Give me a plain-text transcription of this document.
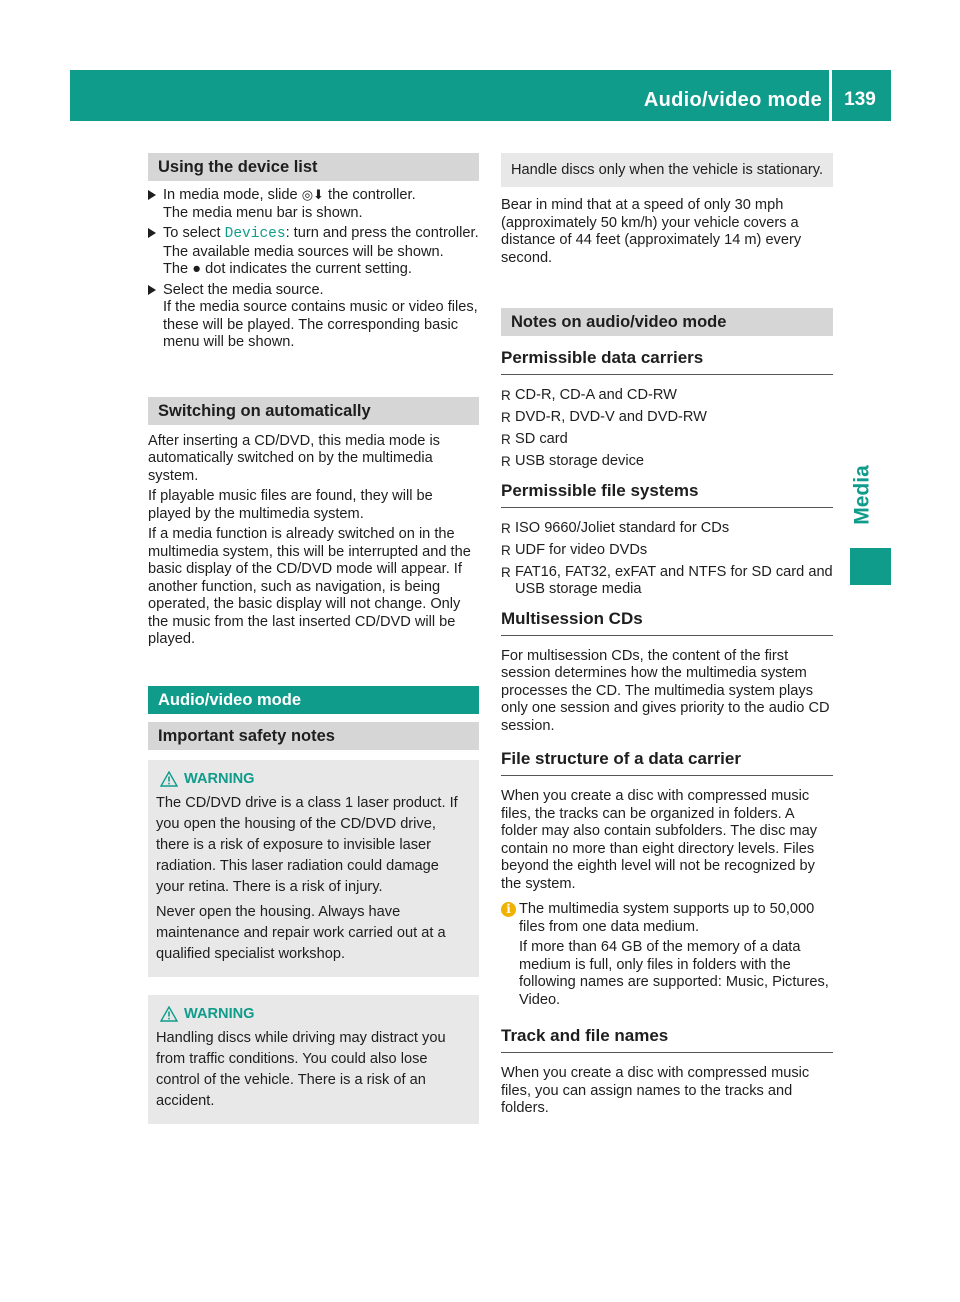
Audio/video mode	139
Media
Using the device list
In media mode, slide ◎⬇ the controller.
The media menu bar is shown.
To select Devices: turn and press the controller.
The available media sources will be shown.
The ● dot indicates the current setting.
Select the media source.
If the media source contains music or video files, these will be played. The corresponding basic menu will be shown.
Switching on automatically

After inserting a CD/DVD, this media mode is automatically switched on by the multimedia system.

If playable music files are found, they will be played by the multimedia system.

If a media function is already switched on in the multimedia system, this will be interrupted and the basic display of the CD/DVD mode will appear. If another function, such as navigation, is being operated, the basic display will not change. Only the music from the last inserted CD/DVD will be played.

Audio/video mode
Important safety notes
WARNING

The CD/DVD drive is a class 1 laser product. If you open the housing of the CD/DVD drive, there is a risk of exposure to invisible laser radiation. This laser radiation could damage your retina. There is a risk of injury.

Never open the housing. Always have maintenance and repair work carried out at a qualified specialist workshop.

WARNING

Handling discs while driving may distract you from traffic conditions. You could also lose control of the vehicle. There is a risk of an accident.

Handle discs only when the vehicle is stationary.

Bear in mind that at a speed of only 30 mph (approximately 50 km/h) your vehicle covers a distance of 44 feet (approximately 14 m) every second.

Notes on audio/video mode
Permissible data carriers
R CD-R, CD-A and CD-RW
R DVD-R, DVD-V and DVD-RW
R SD card
R USB storage device
Permissible file systems
R ISO 9660/Joliet standard for CDs
R UDF for video DVDs
R FAT16, FAT32, exFAT and NTFS for SD card and USB storage media
Multisession CDs

For multisession CDs, the content of the first session determines how the multimedia system processes the CD. The multimedia system plays only one session and gives priority to the audio CD session.

File structure of a data carrier

When you create a disc with compressed music files, the tracks can be organized in folders. A folder may also contain subfolders. The disc may contain no more than eight directory levels. Files beyond the eighth level will not be recognized by the system.

i The multimedia system supports up to 50,000 files from one data medium.

If more than 64 GB of the memory of a data medium is full, only files in folders with the following names are supported: Music, Pictures, Video.

Track and file names

When you create a disc with compressed music files, you can assign names to the tracks and folders.
